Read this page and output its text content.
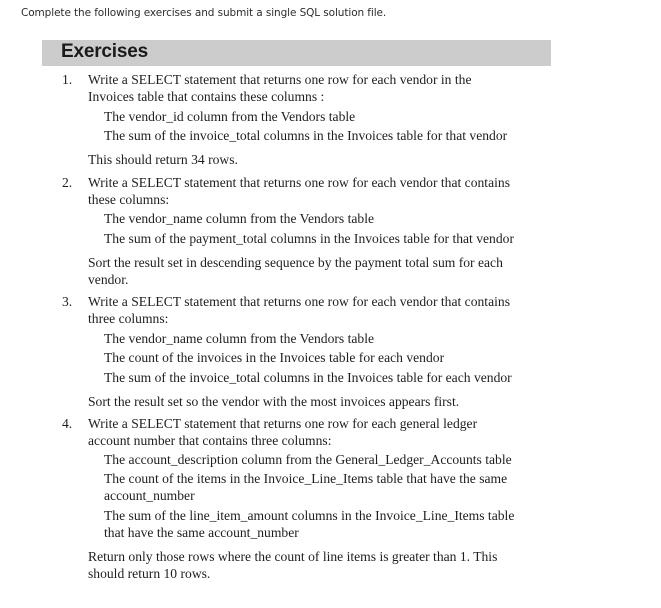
Complete the following exercises and submit a single SQL solution file.
Exercises
1. Write a SELECT statement that returns one row for each vendor in the
Invoices table that contains these columns :
The vendor_id column from the Vendors table
The sum of the invoice_total columns in the Invoices table for that vendor
This should return 34 rows.
2. Write a SELECT statement that returns one row for each vendor that contains
these columns:
The vendor_name column from the Vendors table
The sum of the payment_total columns in the Invoices table for that vendor
Sort the result set in descending sequence by the payment total sum for each
vendor.
3. Write a SELECT statement that returns one row for each vendor that contains
three columns:
The vendor_name column from the Vendors table
The count of the invoices in the Invoices table for each vendor
The sum of the invoice_total columns in the Invoices table for each vendor
Sort the result set so the vendor with the most invoices appears first.
4. Write a SELECT statement that returns one row for each general ledger
account number that contains three columns:
The account_description column from the General_Ledger_Accounts table
The count of the items in the Invoice_Line_Items table that have the same
account_number
The sum of the line_item_amount columns in the Invoice_Line_Items table
that have the same account_number
Return only those rows where the count of line items is greater than 1. This
should return 10 rows.
